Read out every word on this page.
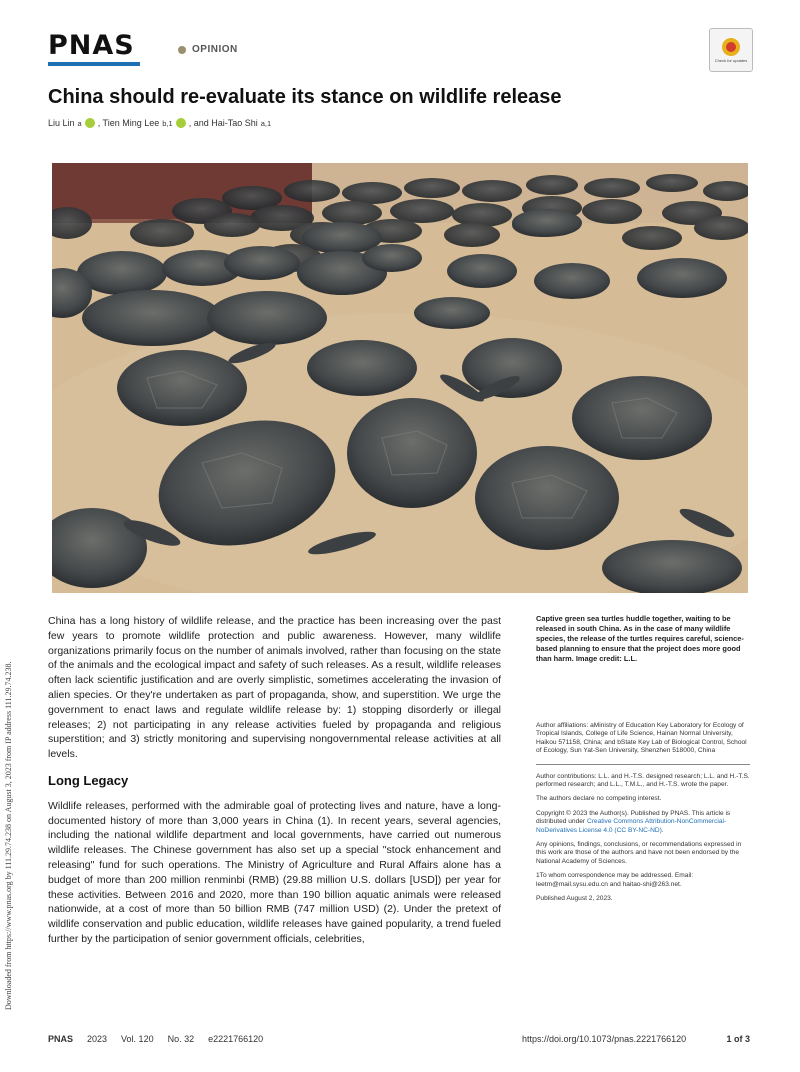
PNAS	OPINION
Check for updates
China should re-evaluate its stance on wildlife release
Liu Lin a , Tien Ming Lee b,1 , and Hai-Tao Shi a,1
Downloaded from https://www.pnas.org by 111.29.74.238 on August 3, 2023 from IP address 111.29.74.238.

China has a long history of wildlife release, and the practice has been increasing over the past few years to promote wildlife protection and public awareness. However, many wildlife organizations primarily focus on the number of animals involved, rather than focusing on the state of the animals and the ecological impact and safety of such releases. As a result, wildlife releases often lack scientific justification and are overly simplistic, sometimes accelerating the invasion of alien species. Or they're undertaken as part of propaganda, show, and superstition. We urge the government to enact laws and regulate wildlife release by: 1) stopping disorderly or illegal releases; 2) not participating in any release activities fueled by propaganda and religious superstition; and 3) strictly monitoring and supervising nongovernmental release activities at all levels.

Long Legacy

Wildlife releases, performed with the admirable goal of protecting lives and nature, have a long-documented history of more than 3,000 years in China (1). In recent years, several agencies, including the national wildlife department and local governments, have carried out numerous wildlife releases. The Chinese government has also set up a special "stock enhancement and releasing" fund for such operations. The Ministry of Agriculture and Rural Affairs alone has a budget of more than 200 million renminbi (RMB) (29.88 million U.S. dollars [USD]) per year for these activities. Between 2016 and 2020, more than 190 billion aquatic animals were released nationwide, at a cost of more than 50 billion RMB (747 million USD) (2). Under the pretext of wildlife conservation and public education, wildlife releases have gained popularity, a trend fueled further by the participation of senior government officials, celebrities,

Captive green sea turtles huddle together, waiting to be released in south China. As in the case of many wildlife species, the release of the turtles requires careful, science-based planning to ensure that the project does more good than harm. Image credit: L.L.

Author affiliations: aMinistry of Education Key Laboratory for Ecology of Tropical Islands, College of Life Science, Hainan Normal University, Haikou 571158, China; and bState Key Lab of Biological Control, School of Ecology, Sun Yat-Sen University, Shenzhen 518000, China

Author contributions: L.L. and H.-T.S. designed research; L.L. and H.-T.S. performed research; and L.L., T.M.L., and H.-T.S. wrote the paper.

The authors declare no competing interest.

Copyright © 2023 the Author(s). Published by PNAS. This article is distributed under Creative Commons Attribution-NonCommercial-NoDerivatives License 4.0 (CC BY-NC-ND).

Any opinions, findings, conclusions, or recommendations expressed in this work are those of the authors and have not been endorsed by the National Academy of Sciences.

1To whom correspondence may be addressed. Email: leetm@mail.sysu.edu.cn and haitao-shi@263.net.

Published August 2, 2023.

PNAS 2023 Vol. 120 No. 32 e2221766120	https://doi.org/10.1073/pnas.2221766120	1 of 3
